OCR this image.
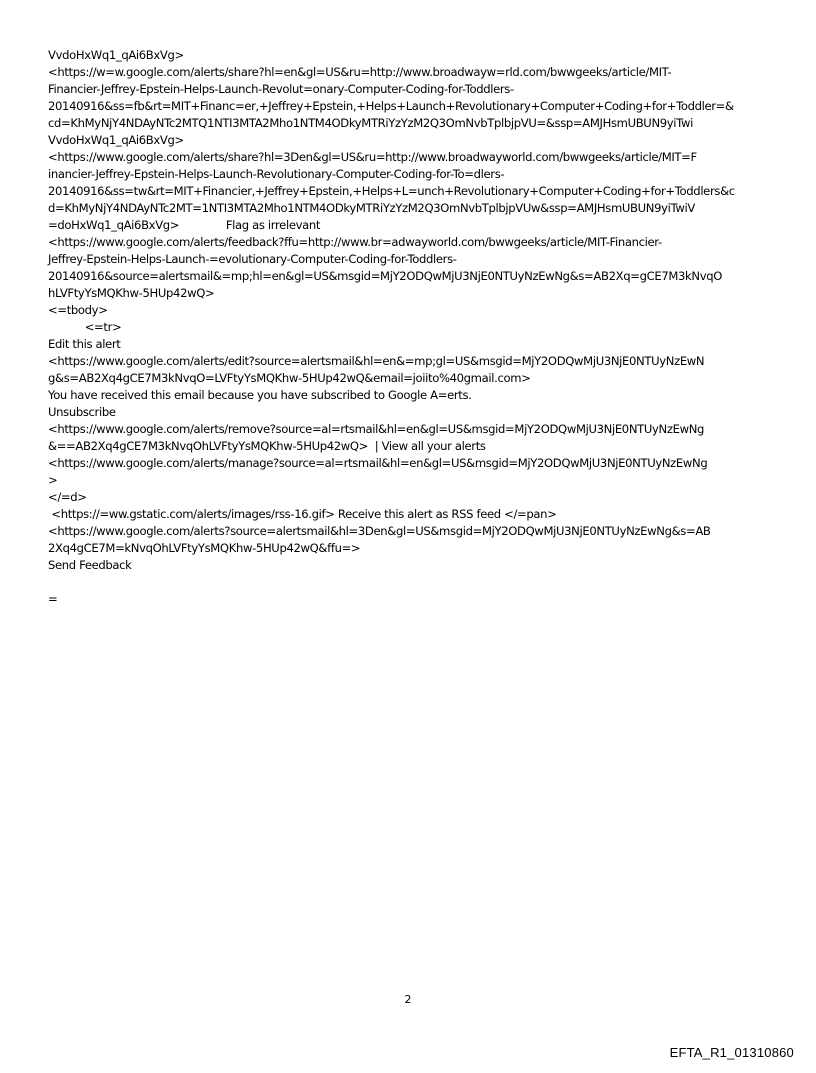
VvdoHxWq1_qAi6BxVg>
<https://w=w.google.com/alerts/share?hl=en&gl=US&ru=http://www.broadwayw=rld.com/bwwgeeks/article/MIT-
Financier-Jeffrey-Epstein-Helps-Launch-Revolut=onary-Computer-Coding-for-Toddlers-
20140916&ss=fb&rt=MIT+Financ=er,+Jeffrey+Epstein,+Helps+Launch+Revolutionary+Computer+Coding+for+Toddler=&
cd=KhMyNjY4NDAyNTc2MTQ1NTI3MTA2Mho1NTM4ODkyMTRiYzYzM2Q3OmNvbTplbjpVU=&ssp=AMJHsmUBUN9yiTwi
VvdoHxWq1_qAi6BxVg>
<https://www.google.com/alerts/share?hl=3Den&gl=US&ru=http://www.broadwayworld.com/bwwgeeks/article/MIT=F
inancier-Jeffrey-Epstein-Helps-Launch-Revolutionary-Computer-Coding-for-To=dlers-
20140916&ss=tw&rt=MIT+Financier,+Jeffrey+Epstein,+Helps+L=unch+Revolutionary+Computer+Coding+for+Toddlers&c
d=KhMyNjY4NDAyNTc2MT=1NTI3MTA2Mho1NTM4ODkyMTRiYzYzM2Q3OmNvbTplbjpVUw&ssp=AMJHsmUBUN9yiTwiV
=doHxWq1_qAi6BxVg>              Flag as irrelevant
<https://www.google.com/alerts/feedback?ffu=http://www.br=adwayworld.com/bwwgeeks/article/MIT-Financier-
Jeffrey-Epstein-Helps-Launch-=evolutionary-Computer-Coding-for-Toddlers-
20140916&source=alertsmail&=mp;hl=en&gl=US&msgid=MjY2ODQwMjU3NjE0NTUyNzEwNg&s=AB2Xq=gCE7M3kNvqO
hLVFtyYsMQKhw-5HUp42wQ>
<=tbody>
<=tr>
Edit this alert
<https://www.google.com/alerts/edit?source=alertsmail&hl=en&=mp;gl=US&msgid=MjY2ODQwMjU3NjE0NTUyNzEwN
g&s=AB2Xq4gCE7M3kNvqO=LVFtyYsMQKhw-5HUp42wQ&email=joiito%40gmail.com>
You have received this email because you have subscribed to Google A=erts.
Unsubscribe
<https://www.google.com/alerts/remove?source=al=rtsmail&hl=en&gl=US&msgid=MjY2ODQwMjU3NjE0NTUyNzEwNg
&==AB2Xq4gCE7M3kNvqOhLVFtyYsMQKhw-5HUp42wQ>  | View all your alerts
<https://www.google.com/alerts/manage?source=al=rtsmail&hl=en&gl=US&msgid=MjY2ODQwMjU3NjE0NTUyNzEwNg
>
</=d>
<https://=ww.gstatic.com/alerts/images/rss-16.gif> Receive this alert as RSS feed </=pan>
<https://www.google.com/alerts?source=alertsmail&hl=3Den&gl=US&msgid=MjY2ODQwMjU3NjE0NTUyNzEwNg&s=AB
2Xq4gCE7M=kNvqOhLVFtyYsMQKhw-5HUp42wQ&ffu=>
Send Feedback
=
2
EFTA_R1_01310860
